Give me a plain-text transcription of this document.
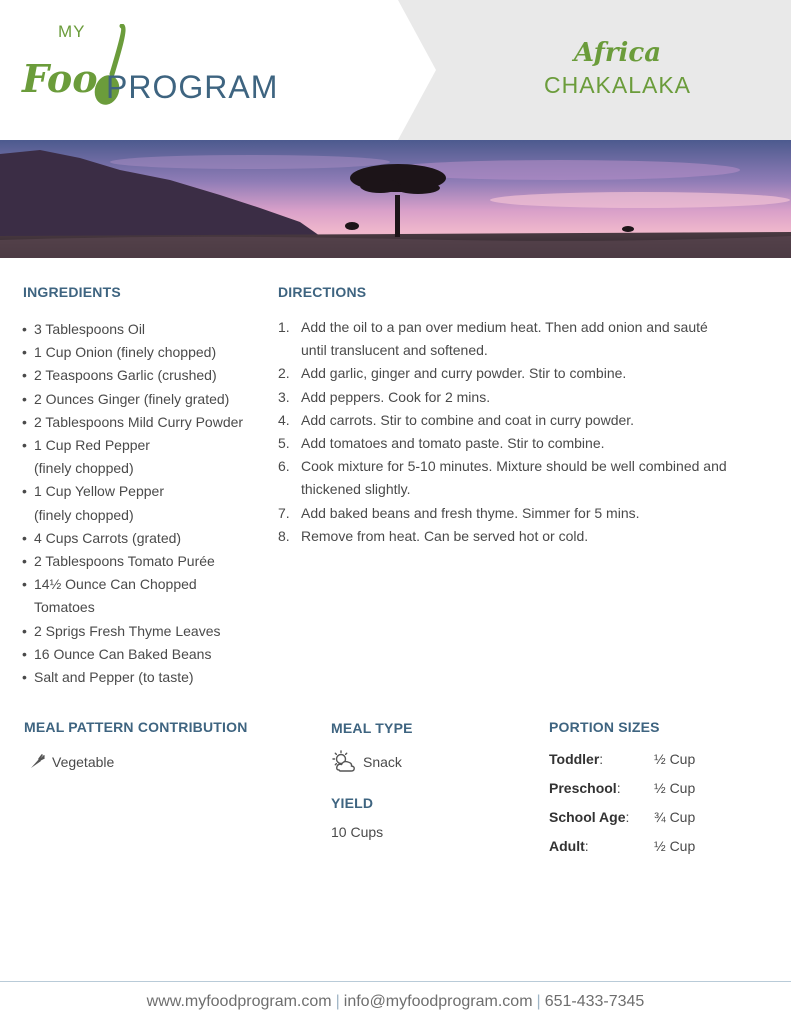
MY
Foo PROGRAM
Africa
CHAKALAKA
INGREDIENTS
• 3 Tablespoons Oil
• 1 Cup Onion (finely chopped)
• 2 Teaspoons Garlic (crushed)
• 2 Ounces Ginger (finely grated)
• 2 Tablespoons Mild Curry Powder
• 1 Cup Red Pepper
(finely chopped)
• 1 Cup Yellow Pepper
(finely chopped)
• 4 Cups Carrots (grated)
• 2 Tablespoons Tomato Purée
• 14½ Ounce Can Chopped
Tomatoes
• 2 Sprigs Fresh Thyme Leaves
• 16 Ounce Can Baked Beans
• Salt and Pepper (to taste)
DIRECTIONS
1. Add the oil to a pan over medium heat. Then add onion and sauté
until translucent and softened.
2. Add garlic, ginger and curry powder. Stir to combine.
3. Add peppers. Cook for 2 mins.
4. Add carrots. Stir to combine and coat in curry powder.
5. Add tomatoes and tomato paste. Stir to combine.
6. Cook mixture for 5-10 minutes. Mixture should be well combined and
thickened slightly.
7. Add baked beans and fresh thyme. Simmer for 5 mins.
8. Remove from heat. Can be served hot or cold.
MEAL PATTERN CONTRIBUTION
Vegetable
MEAL TYPE
Snack
YIELD
10 Cups
PORTION SIZES
Toddler:	½ Cup
Preschool: ½ Cup
School Age: ¾ Cup
Adult:	½ Cup
www.myfoodprogram.com | info@myfoodprogram.com | 651-433-7345
